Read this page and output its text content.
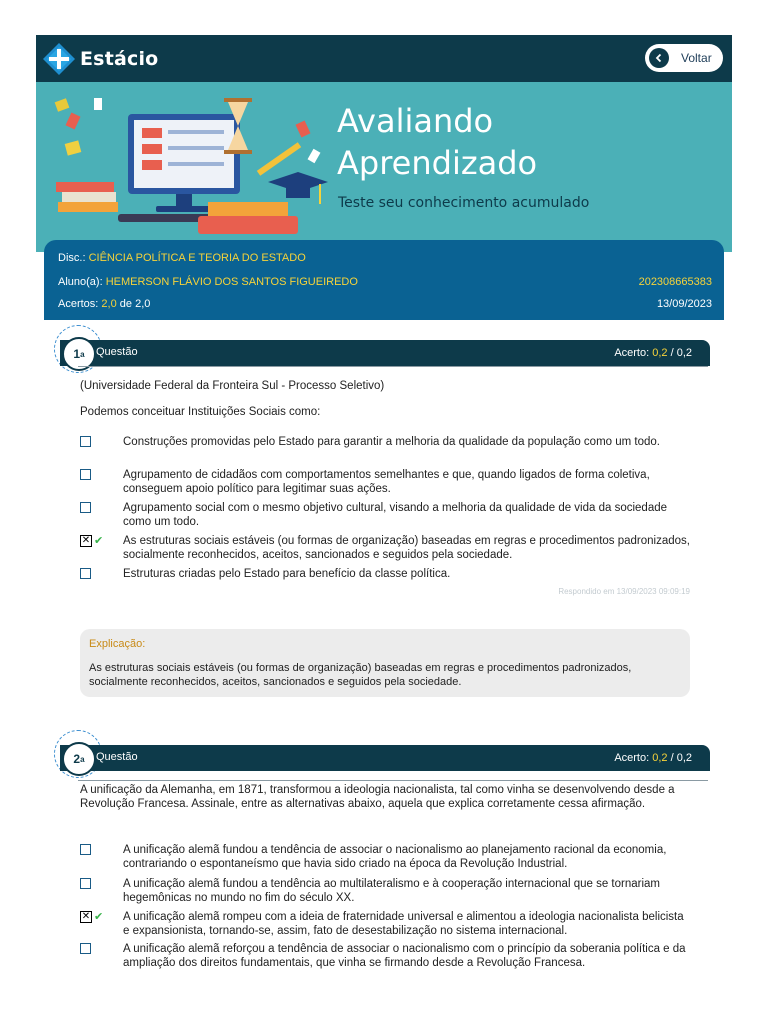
Estácio	Voltar
Avaliando
Aprendizado
Teste seu conhecimento acumulado
Disc.: CIÊNCIA POLÍTICA E TEORIA DO ESTADO
Aluno(a): HEMERSON FLÁVIO DOS SANTOS FIGUEIREDO	202308665383
Acertos: 2,0 de 2,0	13/09/2023
Questão	Acerto: 0,2 / 0,2
1 a
(Universidade Federal da Fronteira Sul - Processo Seletivo)
Podemos conceituar Instituições Sociais como:
Construções promovidas pelo Estado para garantir a melhoria da qualidade da população como um todo.
Agrupamento de cidadãos com comportamentos semelhantes e que, quando ligados de forma coletiva, conseguem apoio político para legitimar suas ações.
Agrupamento social com o mesmo objetivo cultural, visando a melhoria da qualidade de vida da sociedade como um todo.
✕ ✔ As estruturas sociais estáveis (ou formas de organização) baseadas em regras e procedimentos padronizados, socialmente reconhecidos, aceitos, sancionados e seguidos pela sociedade.
Estruturas criadas pelo Estado para benefício da classe política.
Respondido em 13/09/2023 09:09:19
Explicação:
As estruturas sociais estáveis (ou formas de organização) baseadas em regras e procedimentos padronizados, socialmente reconhecidos, aceitos, sancionados e seguidos pela sociedade.
Questão	Acerto: 0,2 / 0,2
2 a
A unificação da Alemanha, em 1871, transformou a ideologia nacionalista, tal como vinha se desenvolvendo desde a Revolução Francesa. Assinale, entre as alternativas abaixo, aquela que explica corretamente cessa afirmação.
A unificação alemã fundou a tendência de associar o nacionalismo ao planejamento racional da economia, contrariando o espontaneísmo que havia sido criado na época da Revolução Industrial.
A unificação alemã fundou a tendência ao multilateralismo e à cooperação internacional que se tornariam hegemônicas no mundo no fim do século XX.
✕ ✔ A unificação alemã rompeu com a ideia de fraternidade universal e alimentou a ideologia nacionalista belicista e expansionista, tornando-se, assim, fato de desestabilização no sistema internacional.
A unificação alemã reforçou a tendência de associar o nacionalismo com o princípio da soberania política e da ampliação dos direitos fundamentais, que vinha se firmando desde a Revolução Francesa.
